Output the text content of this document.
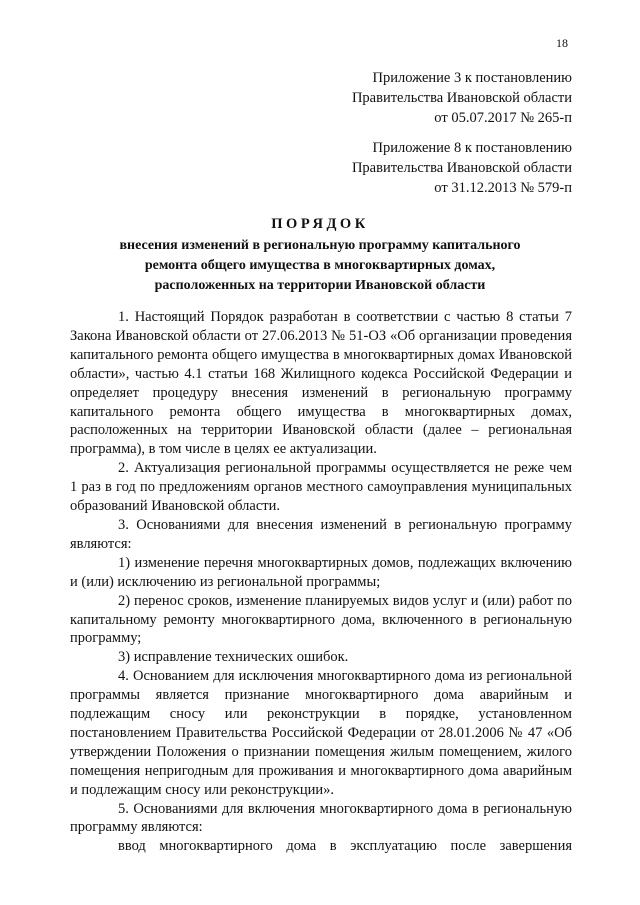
18
Приложение 3 к постановлению
Правительства Ивановской области
от 05.07.2017 № 265-п
Приложение 8 к постановлению
Правительства Ивановской области
от 31.12.2013 № 579-п
ПОРЯДОК
внесения изменений в региональную программу капитального
ремонта общего имущества в многоквартирных домах,
расположенных на территории Ивановской области

1. Настоящий Порядок разработан в соответствии с частью 8 статьи 7 Закона Ивановской области от 27.06.2013 № 51-ОЗ «Об организации проведения капитального ремонта общего имущества в многоквартирных домах Ивановской области», частью 4.1 статьи 168 Жилищного кодекса Российской Федерации и определяет процедуру внесения изменений в региональную программу капитального ремонта общего имущества в многоквартирных домах, расположенных на территории Ивановской области (далее – региональная программа), в том числе в целях ее актуализации.

2. Актуализация региональной программы осуществляется не реже чем 1 раз в год по предложениям органов местного самоуправления муниципальных образований Ивановской области.

3. Основаниями для внесения изменений в региональную программу являются:

1) изменение перечня многоквартирных домов, подлежащих включению и (или) исключению из региональной программы;

2) перенос сроков, изменение планируемых видов услуг и (или) работ по капитальному ремонту многоквартирного дома, включенного в региональную программу;

3) исправление технических ошибок.

4. Основанием для исключения многоквартирного дома из региональной программы является признание многоквартирного дома аварийным и подлежащим сносу или реконструкции в порядке, установленном постановлением Правительства Российской Федерации от 28.01.2006 № 47 «Об утверждении Положения о признании помещения жилым помещением, жилого помещения непригодным для проживания и многоквартирного дома аварийным и подлежащим сносу или реконструкции».

5. Основаниями для включения многоквартирного дома в региональную программу являются:

ввод многоквартирного дома в эксплуатацию после завершения
